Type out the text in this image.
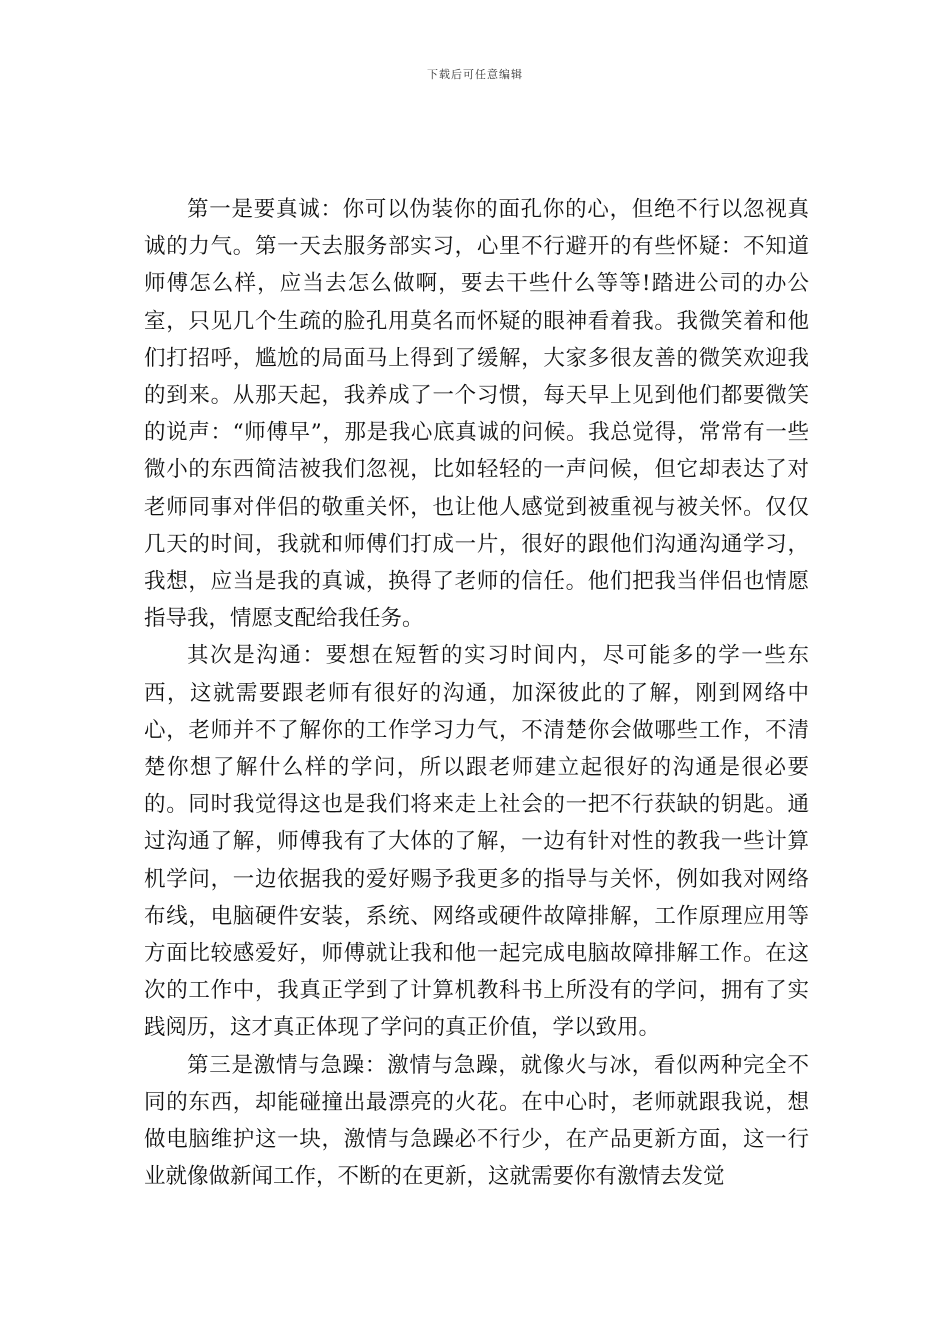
下载后可任意编辑

第一是要真诚：你可以伪装你的面孔你的心，但绝不行以忽视真诚的力气。第一天去服务部实习，心里不行避开的有些怀疑：不知道师傅怎么样，应当去怎么做啊，要去干些什么等等!踏进公司的办公室，只见几个生疏的脸孔用莫名而怀疑的眼神看着我。我微笑着和他们打招呼，尴尬的局面马上得到了缓解，大家多很友善的微笑欢迎我的到来。从那天起，我养成了一个习惯，每天早上见到他们都要微笑的说声：“师傅早”，那是我心底真诚的问候。我总觉得，常常有一些微小的东西简洁被我们忽视，比如轻轻的一声问候，但它却表达了对老师同事对伴侣的敬重关怀，也让他人感觉到被重视与被关怀。仅仅几天的时间，我就和师傅们打成一片，很好的跟他们沟通沟通学习，我想，应当是我的真诚，换得了老师的信任。他们把我当伴侣也情愿指导我，情愿支配给我任务。

其次是沟通：要想在短暂的实习时间内，尽可能多的学一些东西，这就需要跟老师有很好的沟通，加深彼此的了解，刚到网络中心，老师并不了解你的工作学习力气，不清楚你会做哪些工作，不清楚你想了解什么样的学问，所以跟老师建立起很好的沟通是很必要的。同时我觉得这也是我们将来走上社会的一把不行获缺的钥匙。通过沟通了解，师傅我有了大体的了解，一边有针对性的教我一些计算机学问，一边依据我的爱好赐予我更多的指导与关怀，例如我对网络布线，电脑硬件安装，系统、网络或硬件故障排解，工作原理应用等方面比较感爱好，师傅就让我和他一起完成电脑故障排解工作。在这次的工作中，我真正学到了计算机教科书上所没有的学问，拥有了实践阅历，这才真正体现了学问的真正价值，学以致用。

第三是激情与急躁：激情与急躁，就像火与冰，看似两种完全不同的东西，却能碰撞出最漂亮的火花。在中心时，老师就跟我说，想做电脑维护这一块，激情与急躁必不行少，在产品更新方面，这一行业就像做新闻工作，不断的在更新，这就需要你有激情去发觉
